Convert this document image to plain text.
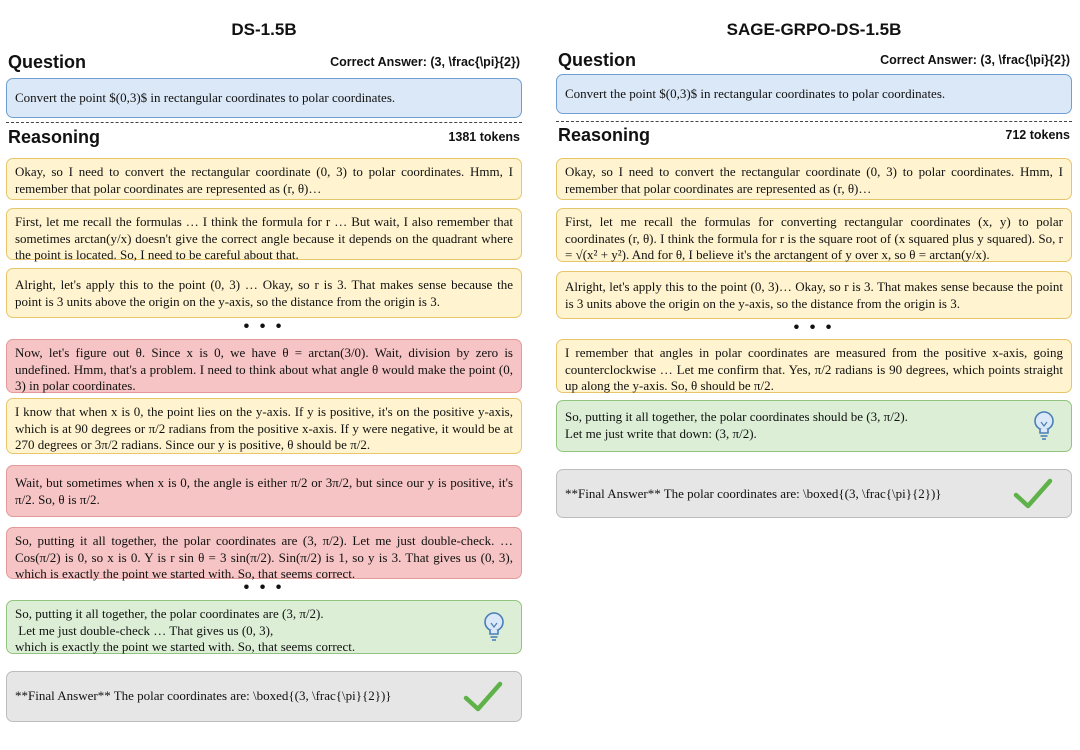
DS-1.5B
Question	Correct Answer: (3, \frac{\pi}{2})
Convert the point $(0,3)$ in rectangular coordinates to polar coordinates.
Reasoning	1381 tokens
Okay, so I need to convert the rectangular coordinate (0, 3) to polar coordinates. Hmm, I remember that polar coordinates are represented as (r, θ)…
First, let me recall the formulas … I think the formula for r … But wait, I also remember that sometimes arctan(y/x) doesn't give the correct angle because it depends on the quadrant where the point is located. So, I need to be careful about that.
Alright, let's apply this to the point (0, 3) … Okay, so r is 3. That makes sense because the point is 3 units above the origin on the y-axis, so the distance from the origin is 3.
• • •
Now, let's figure out θ. Since x is 0, we have θ = arctan(3/0). Wait, division by zero is undefined. Hmm, that's a problem. I need to think about what angle θ would make the point (0, 3) in polar coordinates.
I know that when x is 0, the point lies on the y-axis. If y is positive, it's on the positive y-axis, which is at 90 degrees or π/2 radians from the positive x-axis. If y were negative, it would be at 270 degrees or 3π/2 radians. Since our y is positive, θ should be π/2.
Wait, but sometimes when x is 0, the angle is either π/2 or 3π/2, but since our y is positive, it's π/2. So, θ is π/2.
So, putting it all together, the polar coordinates are (3, π/2). Let me just double-check. … Cos(π/2) is 0, so x is 0. Y is r sin θ = 3 sin(π/2). Sin(π/2) is 1, so y is 3. That gives us (0, 3), which is exactly the point we started with. So, that seems correct.
• • •
So, putting it all together, the polar coordinates are (3, π/2).
Let me just double-check … That gives us (0, 3),
which is exactly the point we started with. So, that seems correct.
**Final Answer** The polar coordinates are: \boxed{(3, \frac{\pi}{2})}
SAGE-GRPO-DS-1.5B
Question	Correct Answer: (3, \frac{\pi}{2})
Convert the point $(0,3)$ in rectangular coordinates to polar coordinates.
Reasoning	712 tokens
Okay, so I need to convert the rectangular coordinate (0, 3) to polar coordinates. Hmm, I remember that polar coordinates are represented as (r, θ)…
First, let me recall the formulas for converting rectangular coordinates (x, y) to polar coordinates (r, θ). I think the formula for r is the square root of (x squared plus y squared). So, r = √(x² + y²). And for θ, I believe it's the arctangent of y over x, so θ = arctan(y/x).
Alright, let's apply this to the point (0, 3)… Okay, so r is 3. That makes sense because the point is 3 units above the origin on the y-axis, so the distance from the origin is 3.
• • •
I remember that angles in polar coordinates are measured from the positive x-axis, going counterclockwise … Let me confirm that. Yes, π/2 radians is 90 degrees, which points straight up along the y-axis. So, θ should be π/2.
So, putting it all together, the polar coordinates should be (3, π/2).
Let me just write that down: (3, π/2).
**Final Answer** The polar coordinates are: \boxed{(3, \frac{\pi}{2})}
